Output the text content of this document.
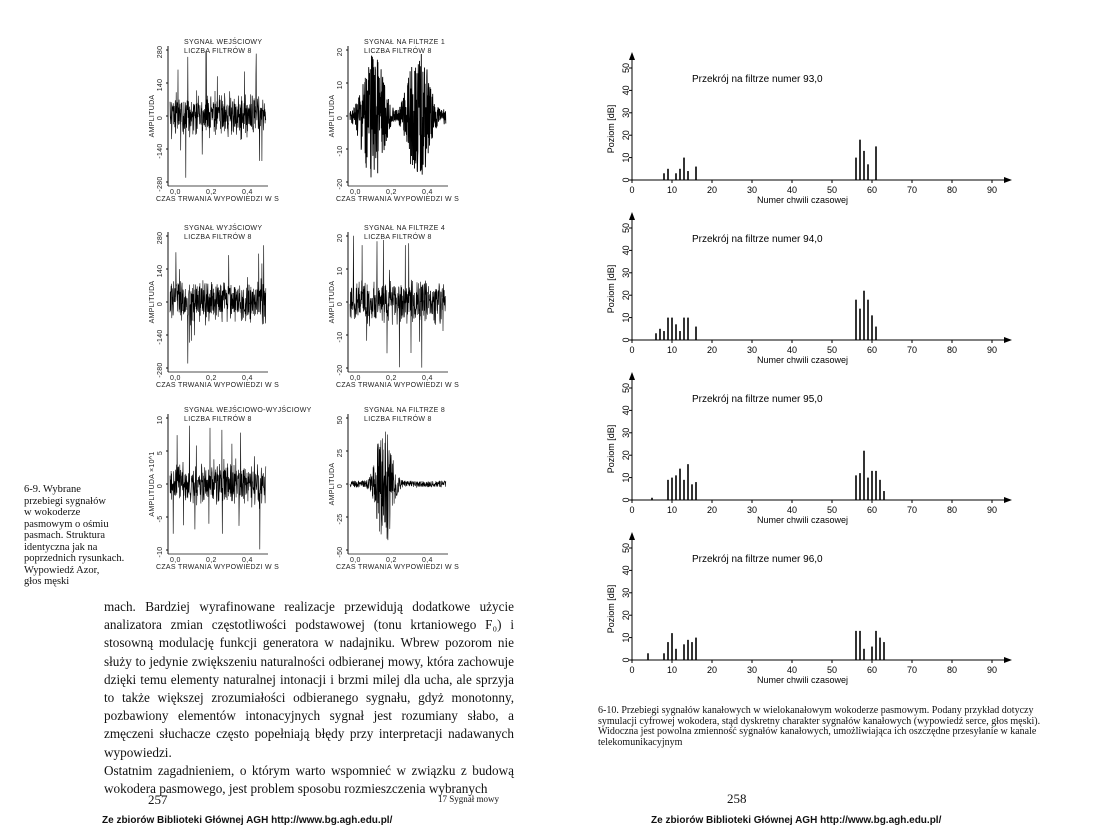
SYGNAŁ WEJŚCIOWY
LICZBA FILTRÓW 8
280
140
0
-140
-280
AMPLITUDA
0,0	0,2	0,4
CZAS TRWANIA WYPOWIEDZI W S
SYGNAŁ NA FILTRZE 1
LICZBA FILTRÓW 8
20
10
0
-10
-20
AMPLITUDA
0,0	0,2	0,4
CZAS TRWANIA WYPOWIEDZI W S
SYGNAŁ WYJŚCIOWY
LICZBA FILTRÓW 8
280
140
0
-140
-280
AMPLITUDA
0,0	0,2	0,4
CZAS TRWANIA WYPOWIEDZI W S
SYGNAŁ NA FILTRZE 4
LICZBA FILTRÓW 8
20
10
0
-10
-20
AMPLITUDA
0,0	0,2	0,4
CZAS TRWANIA WYPOWIEDZI W S
SYGNAŁ WEJŚCIOWO-WYJŚCIOWY
LICZBA FILTRÓW 8
10
5
0
-5
-10
AMPLITUDA ×10^1
0,0	0,2	0,4
CZAS TRWANIA WYPOWIEDZI W S
SYGNAŁ NA FILTRZE 8
LICZBA FILTRÓW 8
50
25
0
-25
-50
AMPLITUDA
0,0	0,2	0,4
CZAS TRWANIA WYPOWIEDZI W S
6-9. Wybrane
przebiegi sygnałów
w wokoderze
pasmowym o ośmiu
pasmach. Struktura
identyczna jak na
poprzednich rysunkach.
Wypowiedź Azor,
głos męski
mach. Bardziej wyrafinowane realizacje przewidują dodatkowe użycie analizatora zmian częstotliwości podstawowej (tonu krtaniowego F₀) i stosowną modulację funkcji generatora w nadajniku. Wbrew pozorom nie służy to jedynie zwiększeniu naturalności odbieranej mowy, która zachowuje dzięki temu elementy naturalnej intonacji i brzmi milej dla ucha, ale sprzyja to także większej zrozumiałości odbieranego sygnału, gdyż monotonny, pozbawiony elementów intonacyjnych sygnał jest rozumiany słabo, a zmęczeni słuchacze często popełniają błędy przy interpretacji nadawanych wypowiedzi.
Ostatnim zagadnieniem, o którym warto wspomnieć w związku z budową wokodera pasmowego, jest problem sposobu rozmieszczenia wybranych
257	17 Sygnał mowy
Ze zbiorów Biblioteki Głównej AGH http://www.bg.agh.edu.pl/
Przekrój na filtrze numer 93,0
0
10
20
30
40
50
0	10	20	30	40	50	60	70	80	90
Numer chwili czasowej
Poziom [dB]
Przekrój na filtrze numer 94,0
0
10
20
30
40
50
0	10	20	30	40	50	60	70	80	90
Numer chwili czasowej
Poziom [dB]
Przekrój na filtrze numer 95,0
0
10
20
30
40
50
0	10	20	30	40	50	60	70	80	90
Numer chwili czasowej
Poziom [dB]
Przekrój na filtrze numer 96,0
0
10
20
30
40
50
0	10	20	30	40	50	60	70	80	90
Numer chwili czasowej
Poziom [dB]
6-10. Przebiegi sygnałów kanałowych w wielokanałowym wokoderze pasmowym. Podany przykład dotyczy symulacji cyfrowej wokodera, stąd dyskretny charakter sygnałów kanałowych (wypowiedź serce, głos męski). Widoczna jest powolna zmienność sygnałów kanałowych, umożliwiająca ich oszczędne przesyłanie w kanale telekomunikacyjnym
258
Ze zbiorów Biblioteki Głównej AGH http://www.bg.agh.edu.pl/
